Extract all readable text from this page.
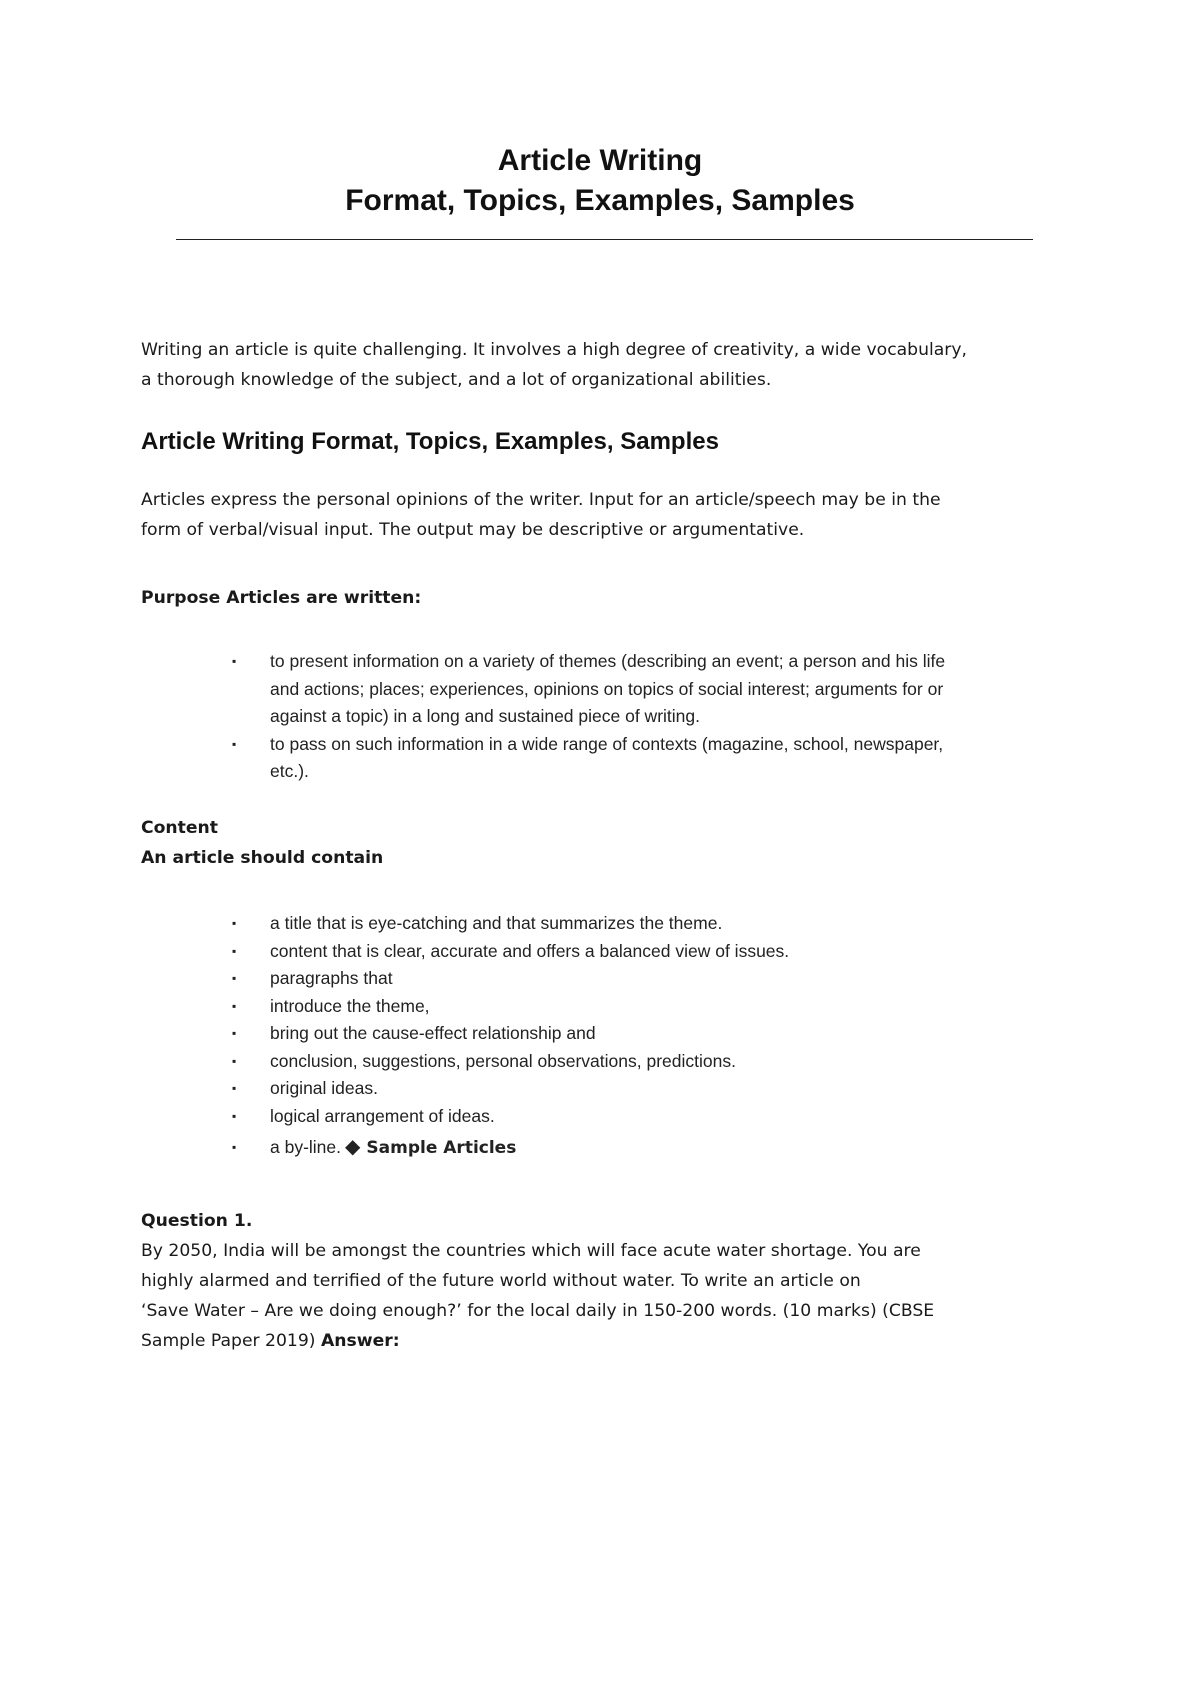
Article Writing

Format, Topics, Examples, Samples

Writing an article is quite challenging. It involves a high degree of creativity, a wide vocabulary,

a thorough knowledge of the subject, and a lot of organizational abilities.

Article Writing Format, Topics, Examples, Samples

Articles express the personal opinions of the writer. Input for an article/speech may be in the

form of verbal/visual input. The output may be descriptive or argumentative.

Purpose Articles are written:

▪ to present information on a variety of themes (describing an event; a person and his life
and actions; places; experiences, opinions on topics of social interest; arguments for or
against a topic) in a long and sustained piece of writing.
▪ to pass on such information in a wide range of contexts (magazine, school, newspaper,
etc.).

Content

An article should contain

▪ a title that is eye-catching and that summarizes the theme.
▪ content that is clear, accurate and offers a balanced view of issues.
▪ paragraphs that
▪ introduce the theme,
▪ bring out the cause-effect relationship and
▪ conclusion, suggestions, personal observations, predictions.
▪ original ideas.
▪ logical arrangement of ideas.
▪ a by-line. ◆ Sample Articles

Question 1.

By 2050, India will be amongst the countries which will face acute water shortage. You are

highly alarmed and terrified of the future world without water. To write an article on

‘Save Water – Are we doing enough?’ for the local daily in 150-200 words. (10 marks) (CBSE

Sample Paper 2019) Answer:
